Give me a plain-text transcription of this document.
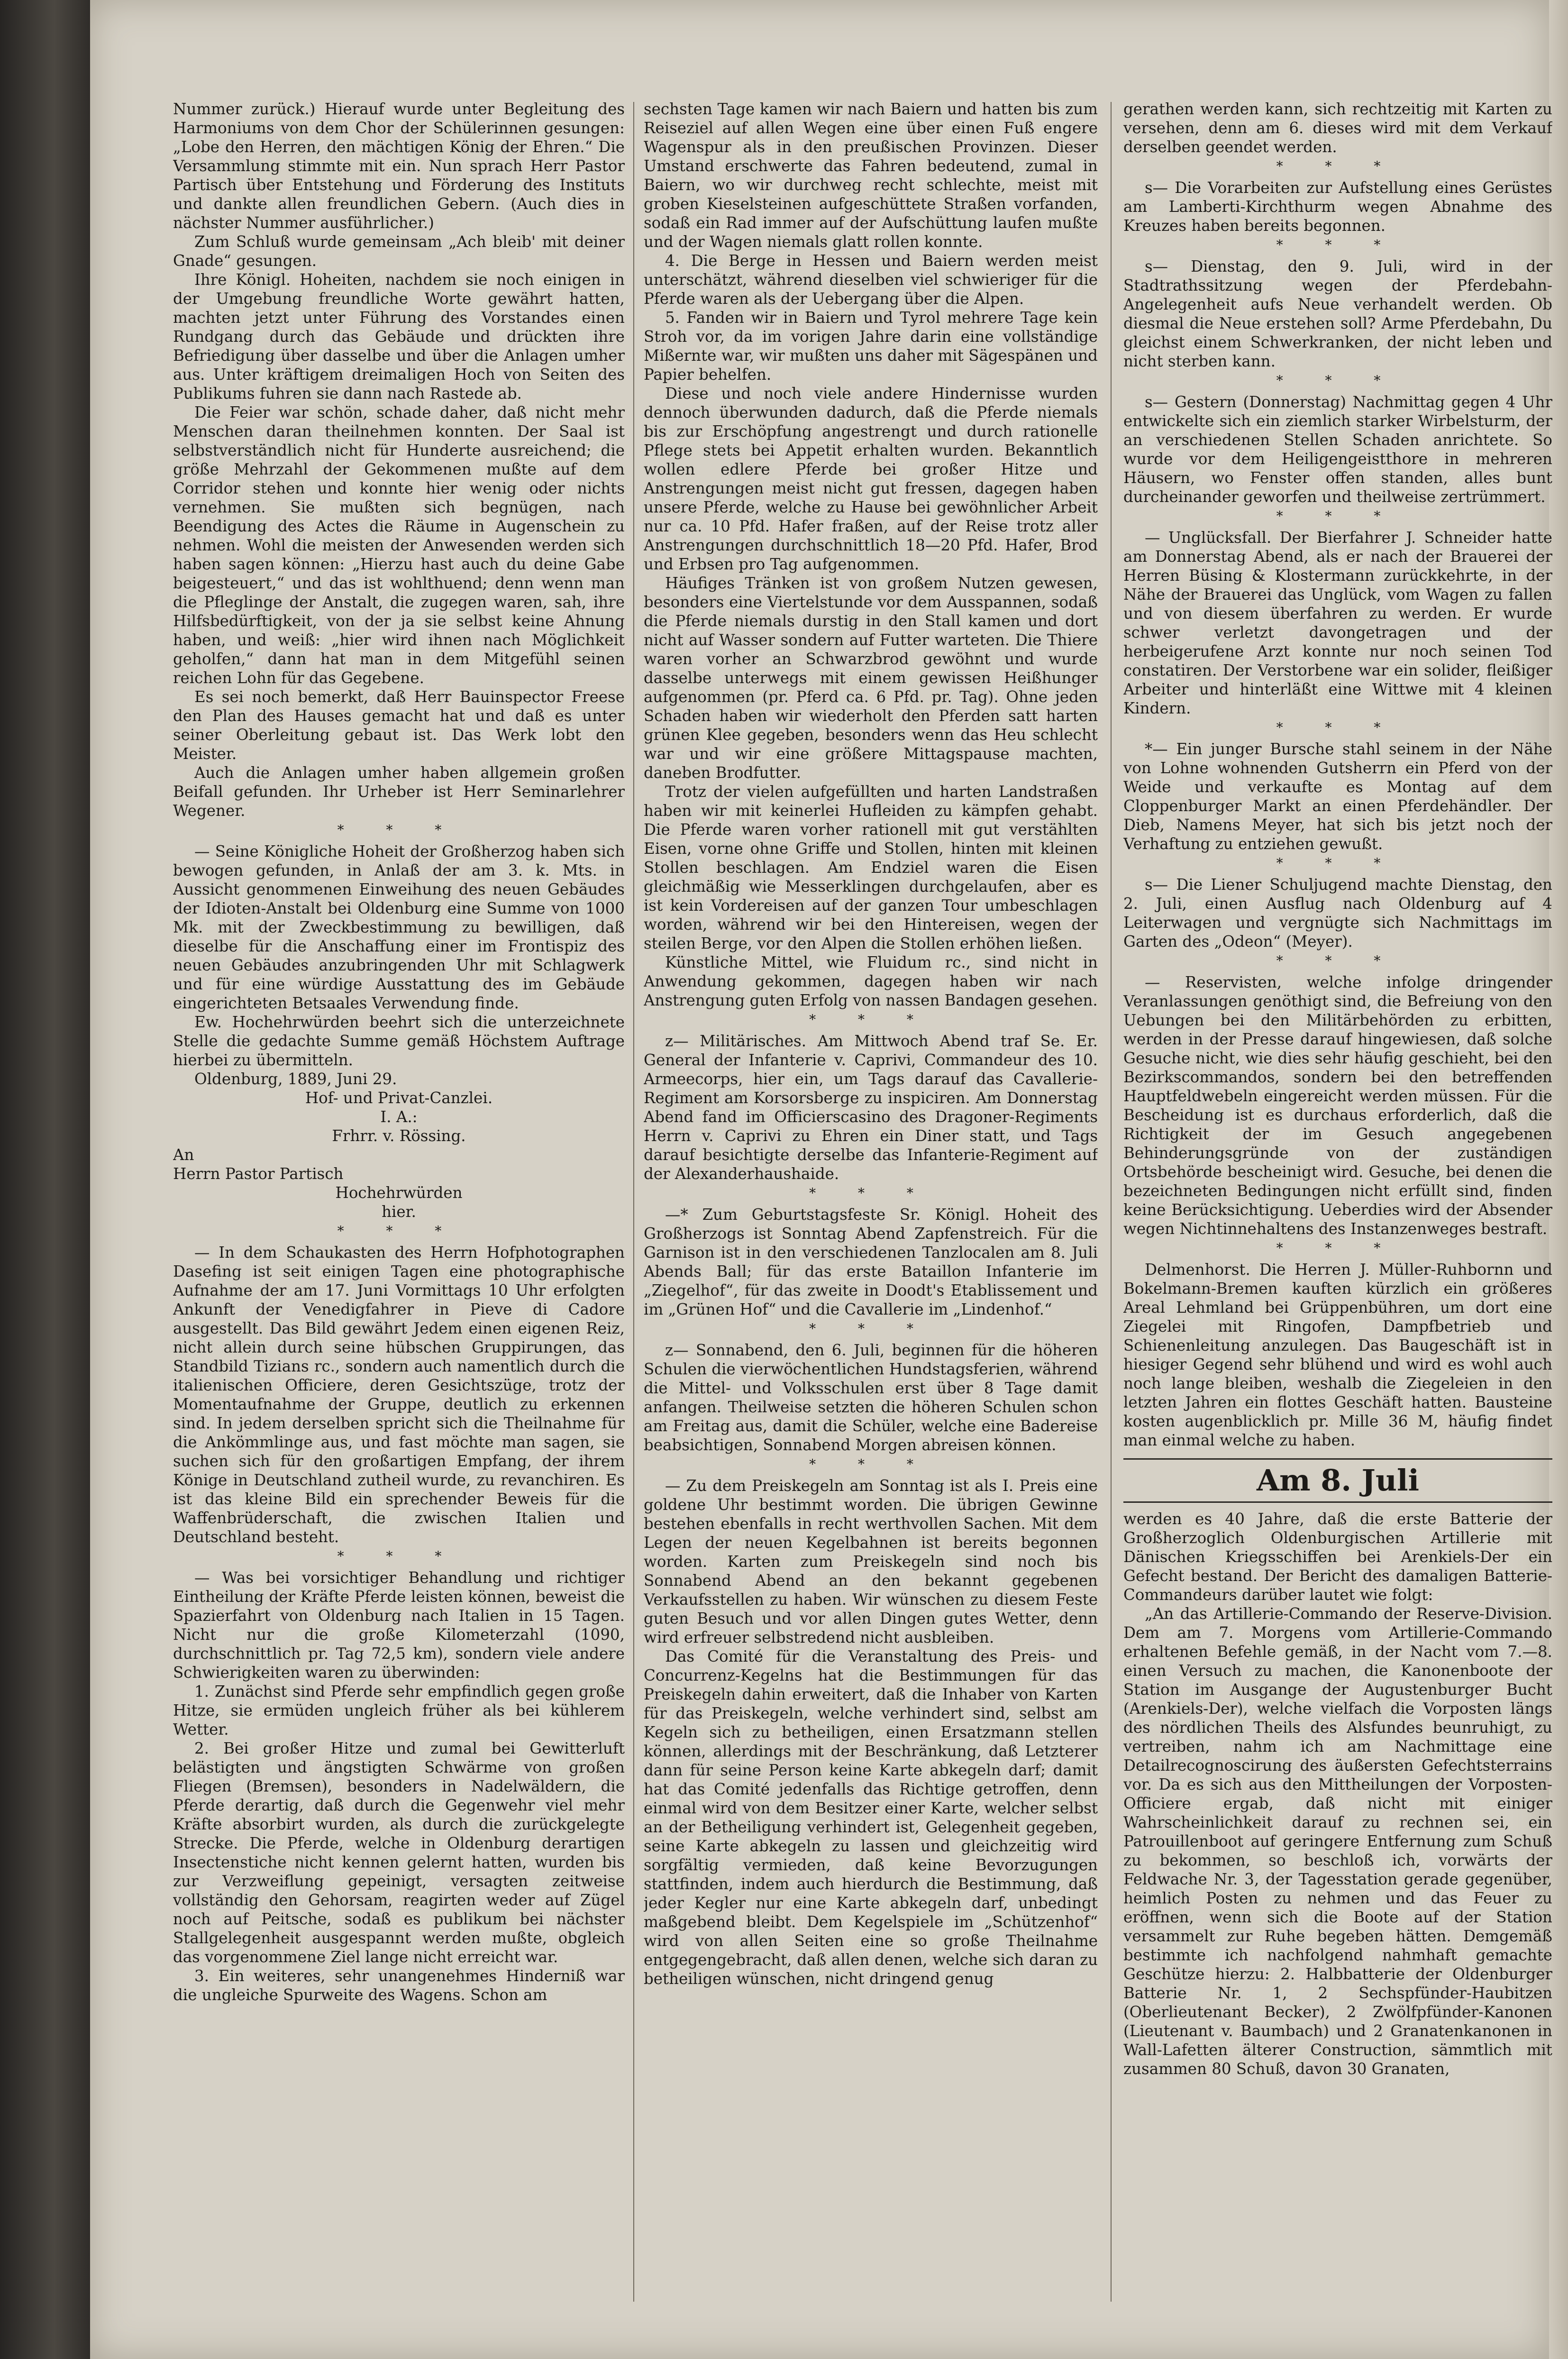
Nummer zurück.) Hierauf wurde unter Begleitung des Harmoniums von dem Chor der Schülerinnen gesungen: „Lobe den Herren, den mächtigen König der Ehren.“ Die Versammlung stimmte mit ein. Nun sprach Herr Pastor Partisch über Entstehung und Förderung des Instituts und dankte allen freundlichen Gebern. (Auch dies in nächster Nummer ausführlicher.)

Zum Schluß wurde gemeinsam „Ach bleib' mit deiner Gnade“ gesungen.

Ihre Königl. Hoheiten, nachdem sie noch einigen in der Umgebung freundliche Worte gewährt hatten, machten jetzt unter Führung des Vorstandes einen Rundgang durch das Gebäude und drückten ihre Befriedigung über dasselbe und über die Anlagen umher aus. Unter kräftigem dreimaligen Hoch von Seiten des Publikums fuhren sie dann nach Rastede ab.

Die Feier war schön, schade daher, daß nicht mehr Menschen daran theilnehmen konnten. Der Saal ist selbstverständlich nicht für Hunderte ausreichend; die größe Mehrzahl der Gekommenen mußte auf dem Corridor stehen und konnte hier wenig oder nichts vernehmen. Sie mußten sich begnügen, nach Beendigung des Actes die Räume in Augenschein zu nehmen. Wohl die meisten der Anwesenden werden sich haben sagen können: „Hierzu hast auch du deine Gabe beigesteuert,“ und das ist wohlthuend; denn wenn man die Pfleglinge der Anstalt, die zugegen waren, sah, ihre Hilfsbedürftigkeit, von der ja sie selbst keine Ahnung haben, und weiß: „hier wird ihnen nach Möglichkeit geholfen,“ dann hat man in dem Mitgefühl seinen reichen Lohn für das Gegebene.

Es sei noch bemerkt, daß Herr Bauinspector Freese den Plan des Hauses gemacht hat und daß es unter seiner Oberleitung gebaut ist. Das Werk lobt den Meister.

Auch die Anlagen umher haben allgemein großen Beifall gefunden. Ihr Urheber ist Herr Seminarlehrer Wegener.

* * *

— Seine Königliche Hoheit der Großherzog haben sich bewogen gefunden, in Anlaß der am 3. k. Mts. in Aussicht genommenen Einweihung des neuen Gebäudes der Idioten-Anstalt bei Oldenburg eine Summe von 1000 Mk. mit der Zweckbestimmung zu bewilligen, daß dieselbe für die Anschaffung einer im Frontispiz des neuen Gebäudes anzubringenden Uhr mit Schlagwerk und für eine würdige Ausstattung des im Gebäude eingerichteten Betsaales Verwendung finde.

Ew. Hochehrwürden beehrt sich die unterzeichnete Stelle die gedachte Summe gemäß Höchstem Auftrage hierbei zu übermitteln.

Oldenburg, 1889, Juni 29.

Hof- und Privat-Canzlei.

I. A.:

Frhrr. v. Rössing.

An

Herrn Pastor Partisch

Hochehrwürden

hier.

* * *

— In dem Schaukasten des Herrn Hofphotographen Dasefing ist seit einigen Tagen eine photographische Aufnahme der am 17. Juni Vormittags 10 Uhr erfolgten Ankunft der Venedigfahrer in Pieve di Cadore ausgestellt. Das Bild gewährt Jedem einen eigenen Reiz, nicht allein durch seine hübschen Gruppirungen, das Standbild Tizians rc., sondern auch namentlich durch die italienischen Officiere, deren Gesichtszüge, trotz der Momentaufnahme der Gruppe, deutlich zu erkennen sind. In jedem derselben spricht sich die Theilnahme für die Ankömmlinge aus, und fast möchte man sagen, sie suchen sich für den großartigen Empfang, der ihrem Könige in Deutschland zutheil wurde, zu revanchiren. Es ist das kleine Bild ein sprechender Beweis für die Waffenbrüderschaft, die zwischen Italien und Deutschland besteht.

* * *

— Was bei vorsichtiger Behandlung und richtiger Eintheilung der Kräfte Pferde leisten können, beweist die Spazierfahrt von Oldenburg nach Italien in 15 Tagen. Nicht nur die große Kilometerzahl (1090, durchschnittlich pr. Tag 72,5 km), sondern viele andere Schwierigkeiten waren zu überwinden:

1. Zunächst sind Pferde sehr empfindlich gegen große Hitze, sie ermüden ungleich früher als bei kühlerem Wetter.

2. Bei großer Hitze und zumal bei Gewitterluft belästigten und ängstigten Schwärme von großen Fliegen (Bremsen), besonders in Nadelwäldern, die Pferde derartig, daß durch die Gegenwehr viel mehr Kräfte absorbirt wurden, als durch die zurückgelegte Strecke. Die Pferde, welche in Oldenburg derartigen Insectenstiche nicht kennen gelernt hatten, wurden bis zur Verzweiflung gepeinigt, versagten zeitweise vollständig den Gehorsam, reagirten weder auf Zügel noch auf Peitsche, sodaß es publikum bei nächster Stallgelegenheit ausgespannt werden mußte, obgleich das vorgenommene Ziel lange nicht erreicht war.

3. Ein weiteres, sehr unangenehmes Hinderniß war die ungleiche Spurweite des Wagens. Schon am

sechsten Tage kamen wir nach Baiern und hatten bis zum Reiseziel auf allen Wegen eine über einen Fuß engere Wagenspur als in den preußischen Provinzen. Dieser Umstand erschwerte das Fahren bedeutend, zumal in Baiern, wo wir durchweg recht schlechte, meist mit groben Kieselsteinen aufgeschüttete Straßen vorfanden, sodaß ein Rad immer auf der Aufschüttung laufen mußte und der Wagen niemals glatt rollen konnte.

4. Die Berge in Hessen und Baiern werden meist unterschätzt, während dieselben viel schwieriger für die Pferde waren als der Uebergang über die Alpen.

5. Fanden wir in Baiern und Tyrol mehrere Tage kein Stroh vor, da im vorigen Jahre darin eine vollständige Mißernte war, wir mußten uns daher mit Sägespänen und Papier behelfen.

Diese und noch viele andere Hindernisse wurden dennoch überwunden dadurch, daß die Pferde niemals bis zur Erschöpfung angestrengt und durch rationelle Pflege stets bei Appetit erhalten wurden. Bekanntlich wollen edlere Pferde bei großer Hitze und Anstrengungen meist nicht gut fressen, dagegen haben unsere Pferde, welche zu Hause bei gewöhnlicher Arbeit nur ca. 10 Pfd. Hafer fraßen, auf der Reise trotz aller Anstrengungen durchschnittlich 18—20 Pfd. Hafer, Brod und Erbsen pro Tag aufgenommen.

Häufiges Tränken ist von großem Nutzen gewesen, besonders eine Viertelstunde vor dem Ausspannen, sodaß die Pferde niemals durstig in den Stall kamen und dort nicht auf Wasser sondern auf Futter warteten. Die Thiere waren vorher an Schwarzbrod gewöhnt und wurde dasselbe unterwegs mit einem gewissen Heißhunger aufgenommen (pr. Pferd ca. 6 Pfd. pr. Tag). Ohne jeden Schaden haben wir wiederholt den Pferden satt harten grünen Klee gegeben, besonders wenn das Heu schlecht war und wir eine größere Mittagspause machten, daneben Brodfutter.

Trotz der vielen aufgefüllten und harten Landstraßen haben wir mit keinerlei Hufleiden zu kämpfen gehabt. Die Pferde waren vorher rationell mit gut verstählten Eisen, vorne ohne Griffe und Stollen, hinten mit kleinen Stollen beschlagen. Am Endziel waren die Eisen gleichmäßig wie Messerklingen durchgelaufen, aber es ist kein Vordereisen auf der ganzen Tour umbeschlagen worden, während wir bei den Hintereisen, wegen der steilen Berge, vor den Alpen die Stollen erhöhen ließen.

Künstliche Mittel, wie Fluidum rc., sind nicht in Anwendung gekommen, dagegen haben wir nach Anstrengung guten Erfolg von nassen Bandagen gesehen.

* * *

z— Militärisches. Am Mittwoch Abend traf Se. Er. General der Infanterie v. Caprivi, Commandeur des 10. Armeecorps, hier ein, um Tags darauf das Cavallerie-Regiment am Korsorsberge zu inspiciren. Am Donnerstag Abend fand im Officierscasino des Dragoner-Regiments Herrn v. Caprivi zu Ehren ein Diner statt, und Tags darauf besichtigte derselbe das Infanterie-Regiment auf der Alexanderhaushaide.

* * *

—* Zum Geburtstagsfeste Sr. Königl. Hoheit des Großherzogs ist Sonntag Abend Zapfenstreich. Für die Garnison ist in den verschiedenen Tanzlocalen am 8. Juli Abends Ball; für das erste Bataillon Infanterie im „Ziegelhof“, für das zweite in Doodt's Etablissement und im „Grünen Hof“ und die Cavallerie im „Lindenhof.“

* * *

z— Sonnabend, den 6. Juli, beginnen für die höheren Schulen die vierwöchentlichen Hundstagsferien, während die Mittel- und Volksschulen erst über 8 Tage damit anfangen. Theilweise setzten die höheren Schulen schon am Freitag aus, damit die Schüler, welche eine Badereise beabsichtigen, Sonnabend Morgen abreisen können.

* * *

— Zu dem Preiskegeln am Sonntag ist als I. Preis eine goldene Uhr bestimmt worden. Die übrigen Gewinne bestehen ebenfalls in recht werthvollen Sachen. Mit dem Legen der neuen Kegelbahnen ist bereits begonnen worden. Karten zum Preiskegeln sind noch bis Sonnabend Abend an den bekannt gegebenen Verkaufsstellen zu haben. Wir wünschen zu diesem Feste guten Besuch und vor allen Dingen gutes Wetter, denn wird erfreuer selbstredend nicht ausbleiben.

Das Comité für die Veranstaltung des Preis- und Concurrenz-Kegelns hat die Bestimmungen für das Preiskegeln dahin erweitert, daß die Inhaber von Karten für das Preiskegeln, welche verhindert sind, selbst am Kegeln sich zu betheiligen, einen Ersatzmann stellen können, allerdings mit der Beschränkung, daß Letzterer dann für seine Person keine Karte abkegeln darf; damit hat das Comité jedenfalls das Richtige getroffen, denn einmal wird von dem Besitzer einer Karte, welcher selbst an der Betheiligung verhindert ist, Gelegenheit gegeben, seine Karte abkegeln zu lassen und gleichzeitig wird sorgfältig vermieden, daß keine Bevorzugungen stattfinden, indem auch hierdurch die Bestimmung, daß jeder Kegler nur eine Karte abkegeln darf, unbedingt maßgebend bleibt. Dem Kegelspiele im „Schützenhof“ wird von allen Seiten eine so große Theilnahme entgegengebracht, daß allen denen, welche sich daran zu betheiligen wünschen, nicht dringend genug

gerathen werden kann, sich rechtzeitig mit Karten zu versehen, denn am 6. dieses wird mit dem Verkauf derselben geendet werden.

* * *

s— Die Vorarbeiten zur Aufstellung eines Gerüstes am Lamberti-Kirchthurm wegen Abnahme des Kreuzes haben bereits begonnen.

* * *

s— Dienstag, den 9. Juli, wird in der Stadtrathssitzung wegen der Pferdebahn-Angelegenheit aufs Neue verhandelt werden. Ob diesmal die Neue erstehen soll? Arme Pferdebahn, Du gleichst einem Schwerkranken, der nicht leben und nicht sterben kann.

* * *

s— Gestern (Donnerstag) Nachmittag gegen 4 Uhr entwickelte sich ein ziemlich starker Wirbelsturm, der an verschiedenen Stellen Schaden anrichtete. So wurde vor dem Heiligengeistthore in mehreren Häusern, wo Fenster offen standen, alles bunt durcheinander geworfen und theilweise zertrümmert.

* * *

— Unglücksfall. Der Bierfahrer J. Schneider hatte am Donnerstag Abend, als er nach der Brauerei der Herren Büsing & Klostermann zurückkehrte, in der Nähe der Brauerei das Unglück, vom Wagen zu fallen und von diesem überfahren zu werden. Er wurde schwer verletzt davongetragen und der herbeigerufene Arzt konnte nur noch seinen Tod constatiren. Der Verstorbene war ein solider, fleißiger Arbeiter und hinterläßt eine Wittwe mit 4 kleinen Kindern.

* * *

*— Ein junger Bursche stahl seinem in der Nähe von Lohne wohnenden Gutsherrn ein Pferd von der Weide und verkaufte es Montag auf dem Cloppenburger Markt an einen Pferdehändler. Der Dieb, Namens Meyer, hat sich bis jetzt noch der Verhaftung zu entziehen gewußt.

* * *

s— Die Liener Schuljugend machte Dienstag, den 2. Juli, einen Ausflug nach Oldenburg auf 4 Leiterwagen und vergnügte sich Nachmittags im Garten des „Odeon“ (Meyer).

* * *

— Reservisten, welche infolge dringender Veranlassungen genöthigt sind, die Befreiung von den Uebungen bei den Militärbehörden zu erbitten, werden in der Presse darauf hingewiesen, daß solche Gesuche nicht, wie dies sehr häufig geschieht, bei den Bezirkscommandos, sondern bei den betreffenden Hauptfeldwebeln eingereicht werden müssen. Für die Bescheidung ist es durchaus erforderlich, daß die Richtigkeit der im Gesuch angegebenen Behinderungsgründe von der zuständigen Ortsbehörde bescheinigt wird. Gesuche, bei denen die bezeichneten Bedingungen nicht erfüllt sind, finden keine Berücksichtigung. Ueberdies wird der Absender wegen Nichtinnehaltens des Instanzenweges bestraft.

* * *

Delmenhorst. Die Herren J. Müller-Ruhbornn und Bokelmann-Bremen kauften kürzlich ein größeres Areal Lehmland bei Grüppenbühren, um dort eine Ziegelei mit Ringofen, Dampfbetrieb und Schienenleitung anzulegen. Das Baugeschäft ist in hiesiger Gegend sehr blühend und wird es wohl auch noch lange bleiben, weshalb die Ziegeleien in den letzten Jahren ein flottes Geschäft hatten. Bausteine kosten augenblicklich pr. Mille 36 M, häufig findet man einmal welche zu haben.

Am 8. Juli

werden es 40 Jahre, daß die erste Batterie der Großherzoglich Oldenburgischen Artillerie mit Dänischen Kriegsschiffen bei Arenkiels-Der ein Gefecht bestand. Der Bericht des damaligen Batterie-Commandeurs darüber lautet wie folgt:

„An das Artillerie-Commando der Reserve-Division. Dem am 7. Morgens vom Artillerie-Commando erhaltenen Befehle gemäß, in der Nacht vom 7.—8. einen Versuch zu machen, die Kanonenboote der Station im Ausgange der Augustenburger Bucht (Arenkiels-Der), welche vielfach die Vorposten längs des nördlichen Theils des Alsfundes beunruhigt, zu vertreiben, nahm ich am Nachmittage eine Detailrecognoscirung des äußersten Gefechtsterrains vor. Da es sich aus den Mittheilungen der Vorposten-Officiere ergab, daß nicht mit einiger Wahrscheinlichkeit darauf zu rechnen sei, ein Patrouillenboot auf geringere Entfernung zum Schuß zu bekommen, so beschloß ich, vorwärts der Feldwache Nr. 3, der Tagesstation gerade gegenüber, heimlich Posten zu nehmen und das Feuer zu eröffnen, wenn sich die Boote auf der Station versammelt zur Ruhe begeben hätten. Demgemäß bestimmte ich nachfolgend nahmhaft gemachte Geschütze hierzu: 2. Halbbatterie der Oldenburger Batterie Nr. 1, 2 Sechspfünder-Haubitzen (Oberlieutenant Becker), 2 Zwölfpfünder-Kanonen (Lieutenant v. Baumbach) und 2 Granatenkanonen in Wall-Lafetten älterer Construction, sämmtlich mit zusammen 80 Schuß, davon 30 Granaten,
